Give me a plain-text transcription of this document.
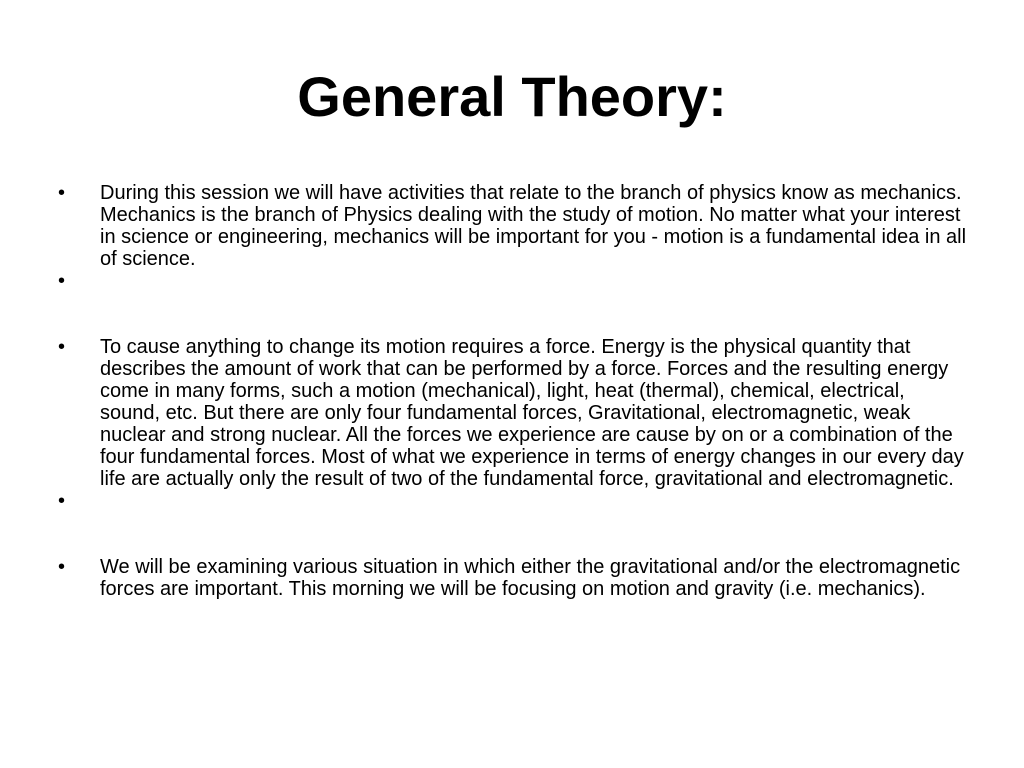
General Theory:
•	During this session we will have activities that relate to the branch of physics know as mechanics. Mechanics is the branch of Physics dealing with the study of motion. No matter what your interest in science or engineering, mechanics will be important for you - motion is a fundamental idea in all of science.
•
•	To cause anything to change its motion requires a force. Energy is the physical quantity that describes the amount of work that can be performed by a force. Forces and the resulting energy come in many forms, such a motion (mechanical), light, heat (thermal), chemical, electrical, sound, etc. But there are only four fundamental forces, Gravitational, electromagnetic, weak nuclear and strong nuclear. All the forces we experience are cause by on or a combination of the four fundamental forces. Most of what we experience in terms of energy changes in our every day life are actually only the result of two of the fundamental force, gravitational and electromagnetic.
•
•	We will be examining various situation in which either the gravitational and/or the electromagnetic forces are important. This morning we will be focusing on motion and gravity (i.e. mechanics).
